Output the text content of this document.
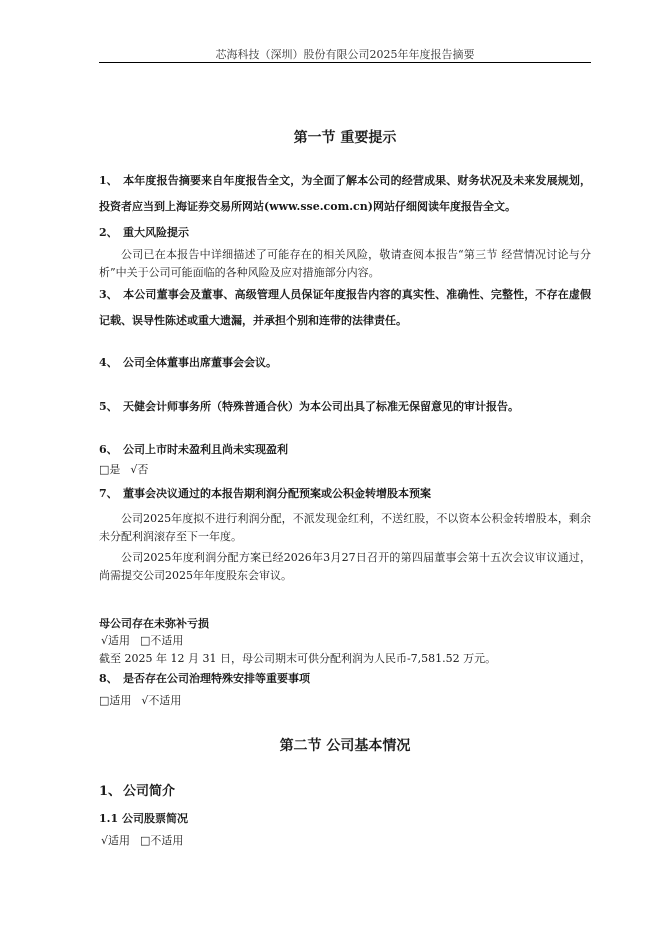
芯海科技（深圳）股份有限公司2025年年度报告摘要
第一节 重要提示
1、 本年度报告摘要来自年度报告全文，为全面了解本公司的经营成果、财务状况及未来发展规划，投资者应当到上海证券交易所网站(www.sse.com.cn)网站仔细阅读年度报告全文。
2、 重大风险提示
公司已在本报告中详细描述了可能存在的相关风险，敬请查阅本报告“第三节 经营情况讨论与分析”中关于公司可能面临的各种风险及应对措施部分内容。
3、 本公司董事会及董事、高级管理人员保证年度报告内容的真实性、准确性、完整性，不存在虚假记载、误导性陈述或重大遗漏，并承担个别和连带的法律责任。
4、 公司全体董事出席董事会会议。
5、 天健会计师事务所（特殊普通合伙）为本公司出具了标准无保留意见的审计报告。
6、 公司上市时未盈利且尚未实现盈利
□是 √否
7、 董事会决议通过的本报告期利润分配预案或公积金转增股本预案
公司2025年度拟不进行利润分配，不派发现金红利，不送红股，不以资本公积金转增股本，剩余未分配利润滚存至下一年度。
公司2025年度利润分配方案已经2026年3月27日召开的第四届董事会第十五次会议审议通过，尚需提交公司2025年年度股东会审议。
母公司存在未弥补亏损
√适用 □不适用
截至 2025 年 12 月 31 日，母公司期末可供分配利润为人民币-7,581.52 万元。
8、 是否存在公司治理特殊安排等重要事项
□适用 √不适用
第二节 公司基本情况
1、 公司简介
1.1 公司股票简况
√适用 □不适用
